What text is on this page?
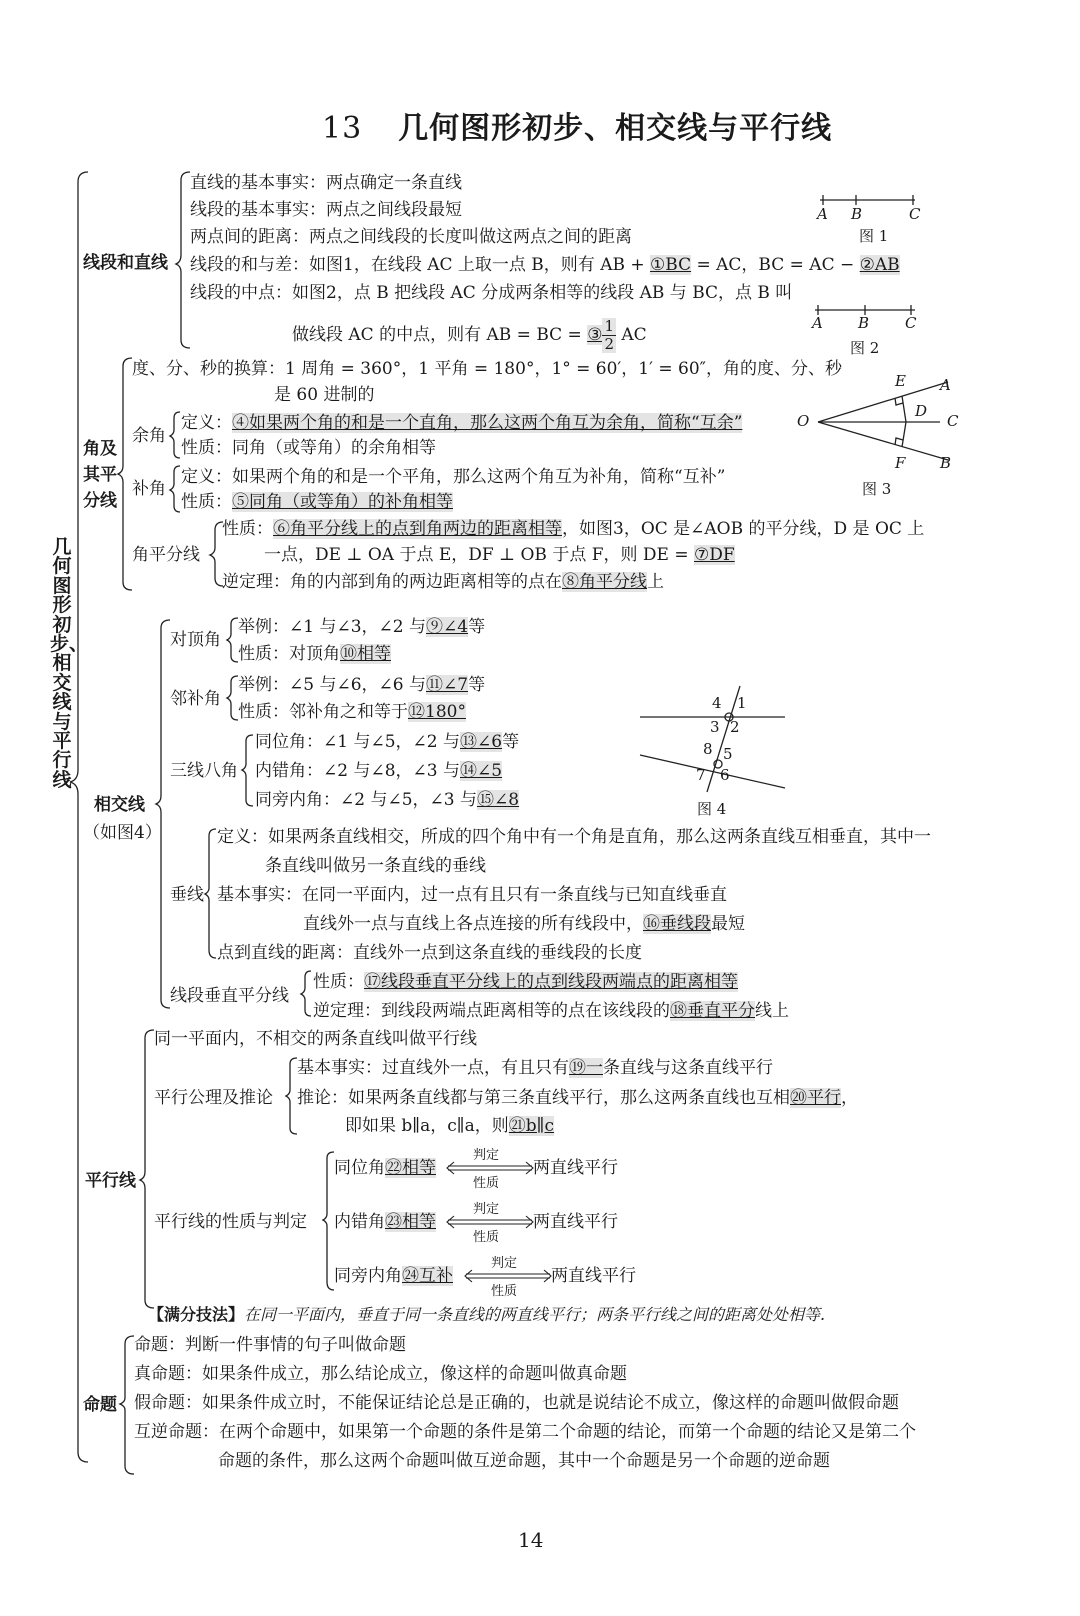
13 几何图形初步、相交线与平行线
几何图形初步、相交线与平行线
线段和直线
角及
其平
分线
相交线
（如图4）
平行线
命题
直线的基本事实：两点确定一条直线
线段的基本事实：两点之间线段最短
两点间的距离：两点之间线段的长度叫做这两点之间的距离
线段的和与差：如图1，在线段 AC 上取一点 B，则有 AB + ①BC = AC，BC = AC − ②AB
线段的中点：如图2，点 B 把线段 AC 分成两条相等的线段 AB 与 BC，点 B 叫
做线段 AC 的中点，则有 AB = BC = ③ $\frac{1}{2}$ AC
A B	C
图 1
A B C
图 2
度、分、秒的换算：1 周角 = 360°，1 平角 = 180°，1° = 60′，1′ = 60″，角的度、分、秒
是 60 进制的
余角
定义：④如果两个角的和是一个直角，那么这两个角互为余角，简称“互余”
性质：同角（或等角）的余角相等
补角
定义：如果两个角的和是一个平角，那么这两个角互为补角，简称“互补”
性质：⑤同角（或等角）的补角相等
角平分线
性质：⑥角平分线上的点到角两边的距离相等，如图3，OC 是∠AOB 的平分线，D 是 OC 上
一点，DE ⊥ OA 于点 E，DF ⊥ OB 于点 F，则 DE = ⑦DF
逆定理：角的内部到角的两边距离相等的点在⑧角平分线上
O
E A
D
C
F B
图 3
对顶角
举例：∠1 与∠3，∠2 与⑨∠4等
性质：对顶角⑩相等
邻补角
举例：∠5 与∠6，∠6 与⑪∠7等
性质：邻补角之和等于⑫180°
三线八角
同位角：∠1 与∠5，∠2 与⑬∠6等
内错角：∠2 与∠8，∠3 与⑭∠5
同旁内角：∠2 与∠5，∠3 与⑮∠8
4 1
3 2
8 5
7 6
图 4
垂线
定义：如果两条直线相交，所成的四个角中有一个角是直角，那么这两条直线互相垂直，其中一
条直线叫做另一条直线的垂线
基本事实：在同一平面内，过一点有且只有一条直线与已知直线垂直
直线外一点与直线上各点连接的所有线段中，⑯垂线段最短
点到直线的距离：直线外一点到这条直线的垂线段的长度
线段垂直平分线
性质：⑰线段垂直平分线上的点到线段两端点的距离相等
逆定理：到线段两端点距离相等的点在该线段的⑱垂直平分线上
同一平面内，不相交的两条直线叫做平行线
平行公理及推论
基本事实：过直线外一点，有且只有⑲一条直线与这条直线平行
推论：如果两条直线都与第三条直线平行，那么这两条直线也互相⑳平行，
即如果 b∥a，c∥a，则㉑b∥c
平行线的性质与判定
同位角㉒相等
内错角㉓相等
同旁内角㉔互补
判定
性质
判定
性质
判定
性质
两直线平行
两直线平行
两直线平行
【满分技法】在同一平面内，垂直于同一条直线的两直线平行；两条平行线之间的距离处处相等.
命题：判断一件事情的句子叫做命题
真命题：如果条件成立，那么结论成立，像这样的命题叫做真命题
假命题：如果条件成立时，不能保证结论总是正确的，也就是说结论不成立，像这样的命题叫做假命题
互逆命题：在两个命题中，如果第一个命题的条件是第二个命题的结论，而第一个命题的结论又是第二个
命题的条件，那么这两个命题叫做互逆命题，其中一个命题是另一个命题的逆命题
14
